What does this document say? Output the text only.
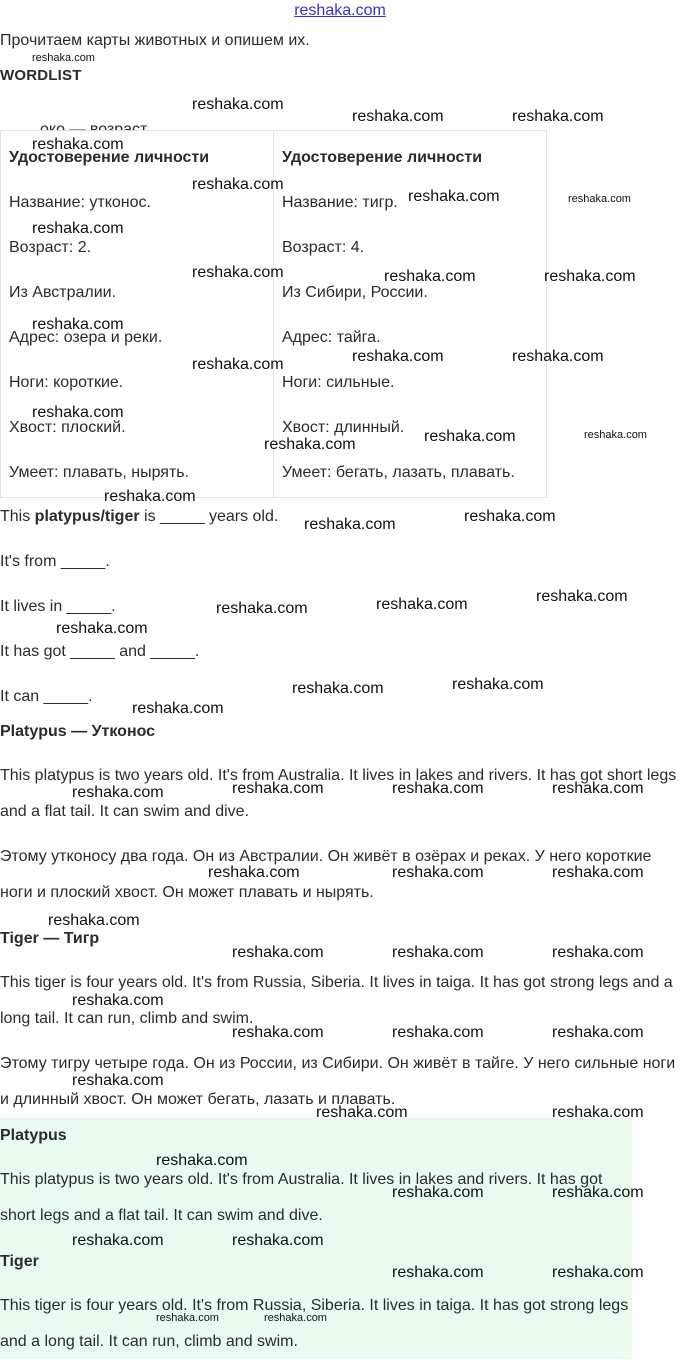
reshaka.com
Прочитаем карты животных и опишем их.
WORDLIST
Удостоверение личности
Название: утконос.
Возраст: 2.
Из Австралии.
Адрес: озера и реки.
Ноги: короткие.
Хвост: плоский.
Умеет: плавать, нырять.
Удостоверение личности
Название: тигр.
Возраст: 4.
Из Сибири, России.
Адрес: тайга.
Ноги: сильные.
Хвост: длинный.
Умеет: бегать, лазать, плавать.
This platypus/tiger is _____ years old.
It's from _____.
It lives in _____.
It has got _____ and _____.
It can _____.
Platypus — Утконос
This platypus is two years old. It's from Australia. It lives in lakes and rivers. It has got short legs and a flat tail. It can swim and dive.
Этому утконосу два года. Он из Австралии. Он живёт в озёрах и реках. У него короткие ноги и плоский хвост. Он может плавать и нырять.
Tiger — Тигр
This tiger is four years old. It's from Russia, Siberia. It lives in taiga. It has got strong legs and a long tail. It can run, climb and swim.
Этому тигру четыре года. Он из России, из Сибири. Он живёт в тайге. У него сильные ноги и длинный хвост. Он может бегать, лазать и плавать.
Platypus
This platypus is two years old. It's from Australia. It lives in lakes and rivers. It has got short legs and a flat tail. It can swim and dive.
Tiger
This tiger is four years old. It's from Russia, Siberia. It lives in taiga. It has got strong legs and a long tail. It can run, climb and swim.
reshaka.com
reshaka.com
reshaka.com	reshaka.com
reshaka.com
reshaka.com
reshaka.com	reshaka.com
reshaka.com
reshaka.com	reshaka.com	reshaka.com
reshaka.com
reshaka.com	reshaka.com
reshaka.com
reshaka.com
reshaka.com	reshaka.com
reshaka.com
reshaka.com
reshaka.com
reshaka.com
reshaka.com
reshaka.com
reshaka.com
reshaka.com
reshaka.com
reshaka.com
reshaka.com
reshaka.com	reshaka.com	reshaka.com
reshaka.com
reshaka.com	reshaka.com	reshaka.com
reshaka.com
reshaka.com	reshaka.com	reshaka.com
reshaka.com
reshaka.com	reshaka.com	reshaka.com
reshaka.com
reshaka.com	reshaka.com
reshaka.com
reshaka.com	reshaka.com
reshaka.com	reshaka.com
reshaka.com	reshaka.com
reshaka.com	reshaka.com
